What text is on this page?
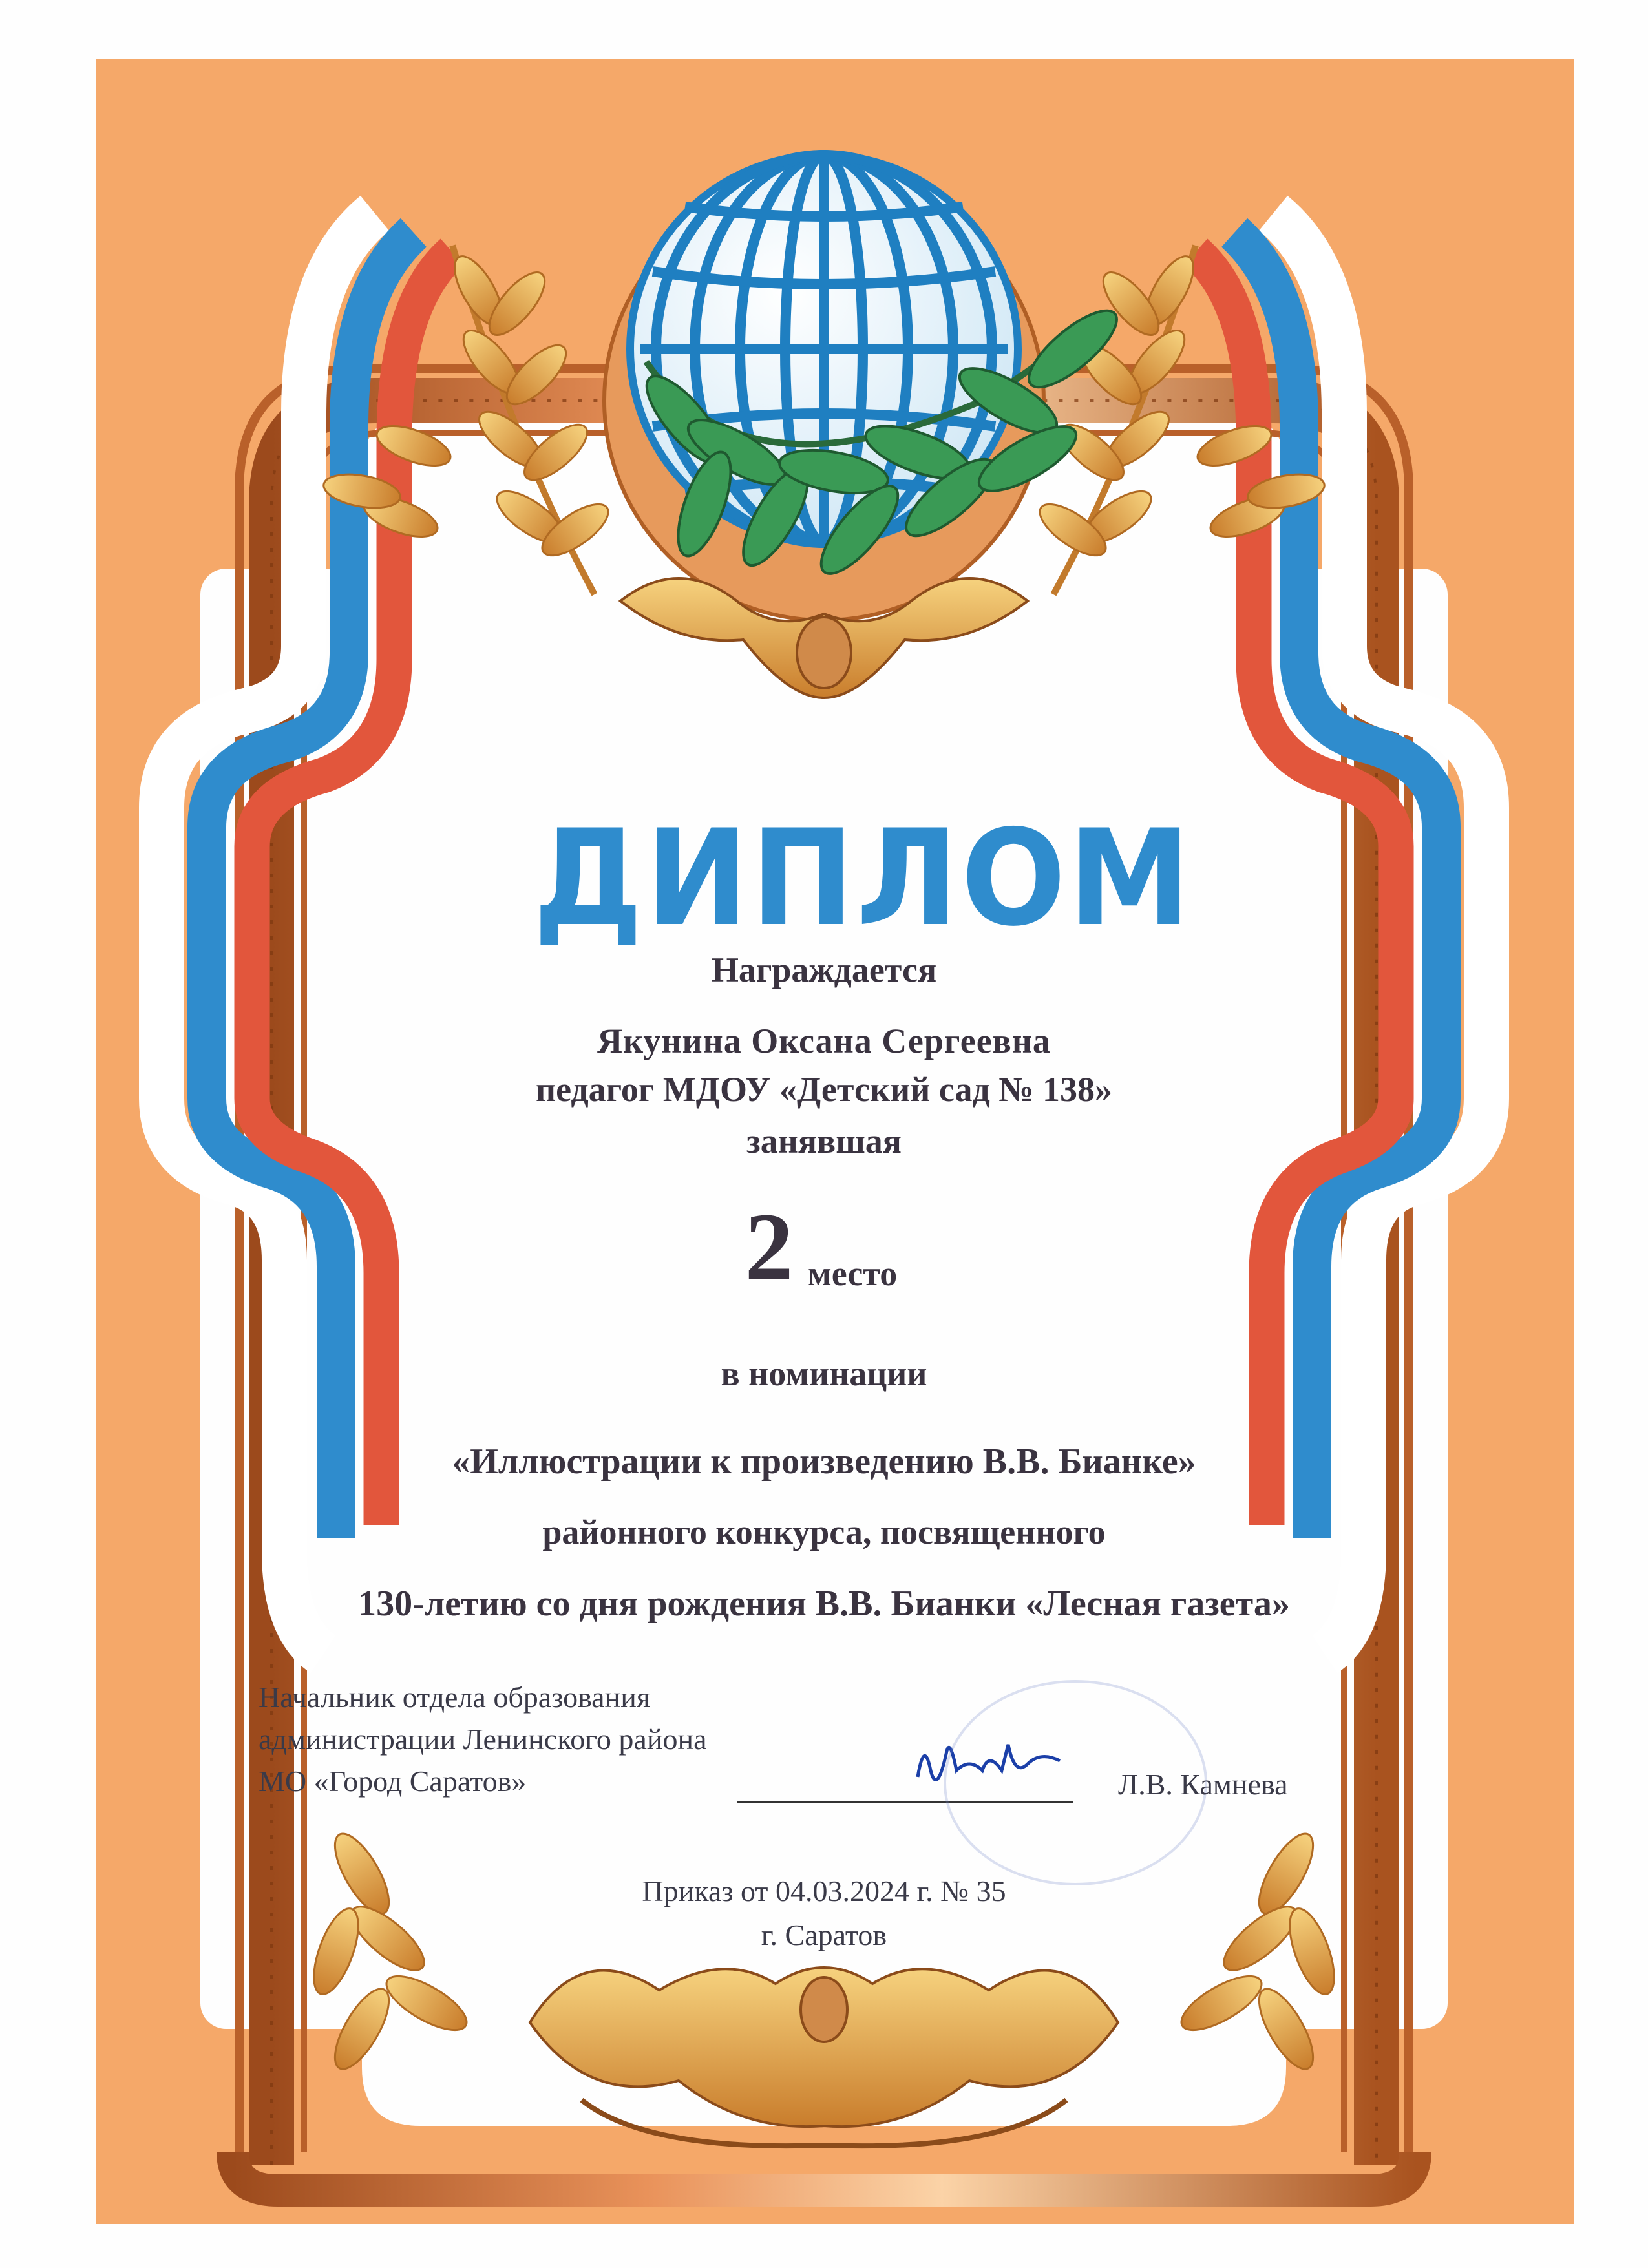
ДИПЛОМ
Награждается
Якунина Оксана Сергеевна
педагог МДОУ «Детский сад № 138»
занявшая
2 место
в номинации
«Иллюстрации к произведению В.В. Бианке»
районного конкурса, посвященного
130-летию со дня рождения В.В. Бианки «Лесная газета»
Начальник отдела образования
администрации Ленинского района
МО «Город Саратов»	Л.В. Камнева
Приказ от 04.03.2024 г. № 35
г. Саратов
